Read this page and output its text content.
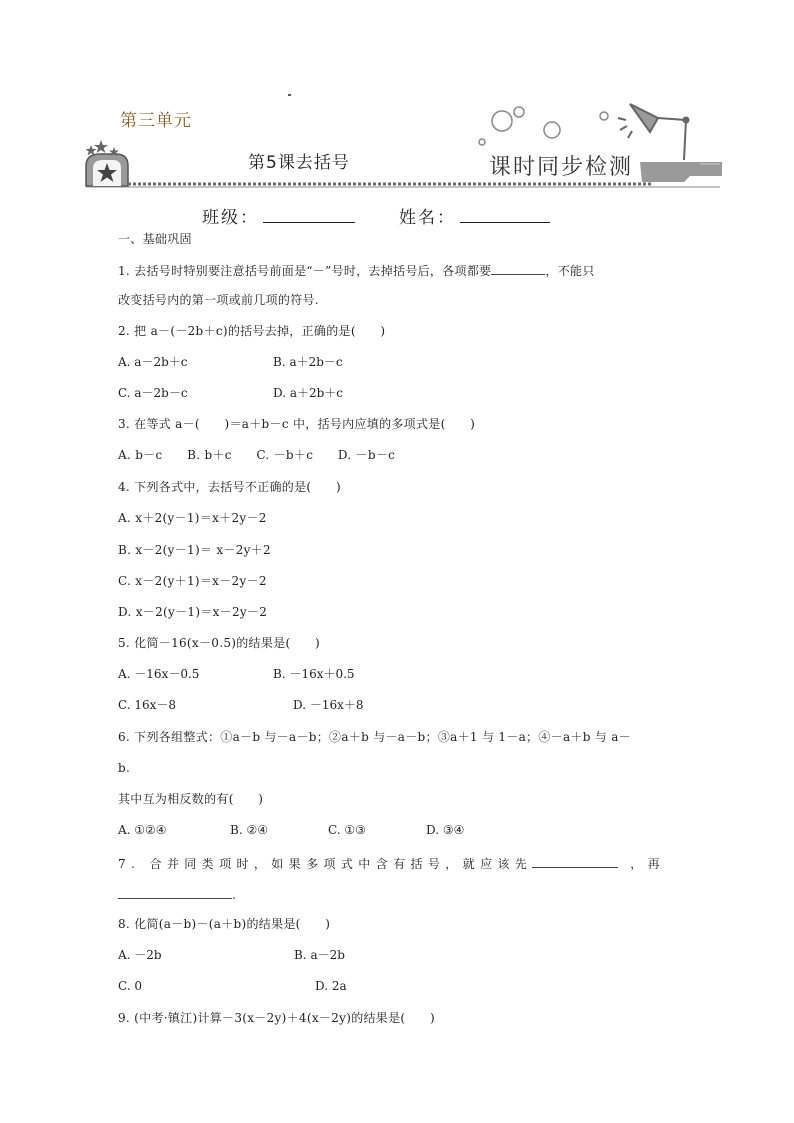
第三单元
第5课去括号	课时同步检测
班级：	姓名：
一、基础巩固
1. 去括号时特别要注意括号前面是“－”号时，去掉括号后，各项都要	，不能只
改变括号内的第一项或前几项的符号.
2. 把 a－(－2b＋c)的括号去掉，正确的是(　　)
A. a－2b＋c	B. a＋2b－c
C. a－2b－c	D. a＋2b＋c
3. 在等式 a－(　　)＝a＋b－c 中，括号内应填的多项式是(　　)
A. b－c　　B. b＋c　　C. －b＋c　　D. －b－c
4. 下列各式中，去括号不正确的是(　　)
A. x＋2(y－1)＝x＋2y－2
B. x－2(y－1)＝ x－2y＋2
C. x－2(y＋1)＝x－2y－2
D. x－2(y－1)＝x－2y－2
5. 化简－16(x－0.5)的结果是(　　)
A. －16x－0.5	B. －16x＋0.5
C. 16x－8	D. －16x＋8
6. 下列各组整式：①a－b 与－a－b；②a＋b 与－a－b；③a＋1 与 1－a；④－a＋b 与 a－
b.
其中互为相反数的有(　　)
A. ①②④	B. ②④	C. ①③	D. ③④
7. 合并同类项时，如果多项式中含有括号，就应该先	，再
.
8. 化简(a－b)－(a＋b)的结果是(　　)
A. －2b	B. a－2b
C. 0	D. 2a
9. (中考·镇江)计算－3(x－2y)＋4(x－2y)的结果是(　　)
